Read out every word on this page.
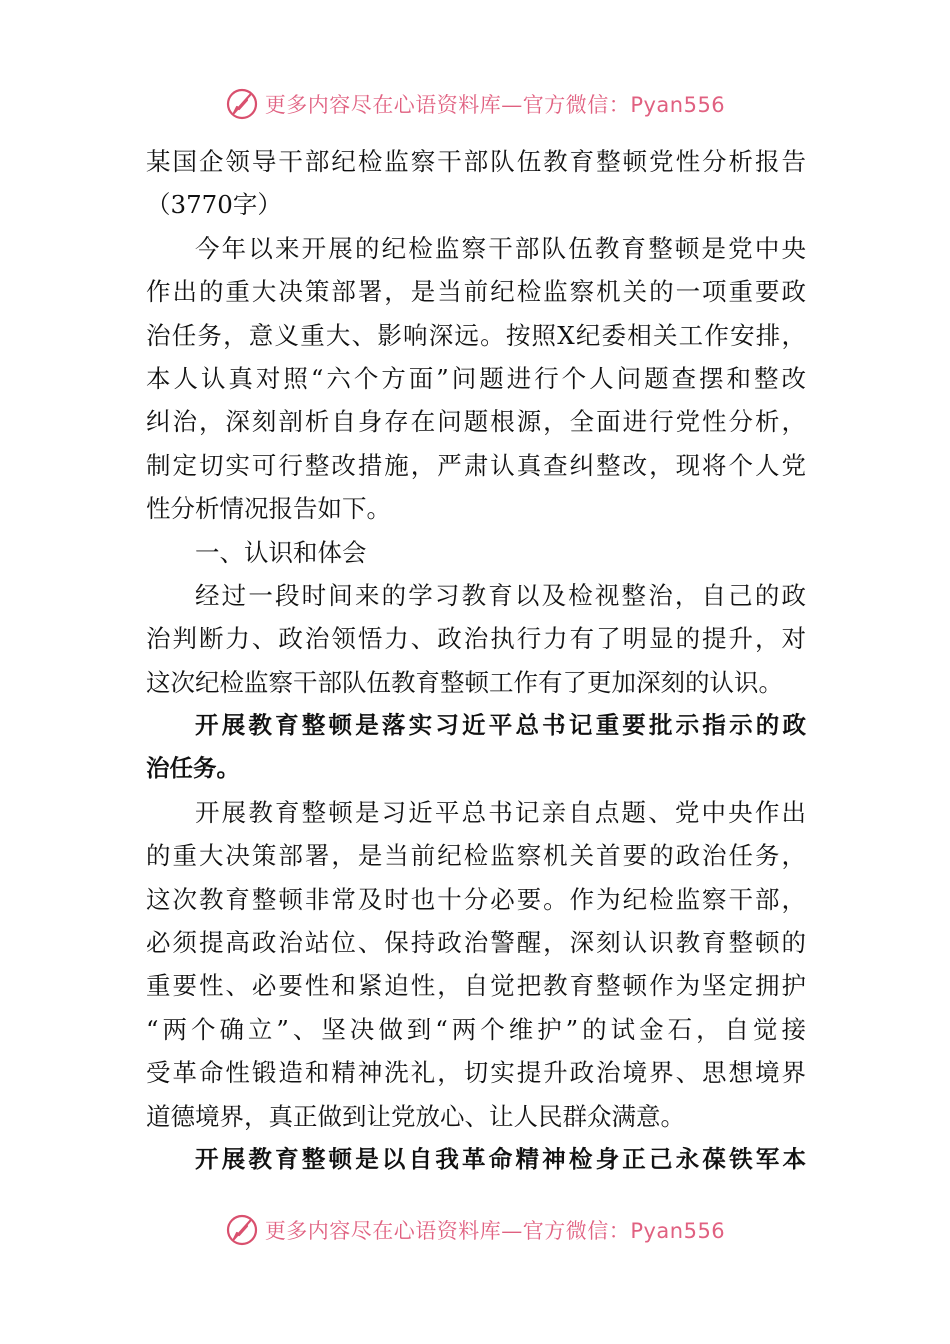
更多内容尽在心语资料库—官方微信：Pyan556
某国企领导干部纪检监察干部队伍教育整顿党性分析报告
（3770字）
今年以来开展的纪检监察干部队伍教育整顿是党中央
作出的重大决策部署，是当前纪检监察机关的一项重要政
治任务，意义重大、影响深远。按照X纪委相关工作安排，
本人认真对照“六个方面”问题进行个人问题查摆和整改
纠治，深刻剖析自身存在问题根源，全面进行党性分析，
制定切实可行整改措施，严肃认真查纠整改，现将个人党
性分析情况报告如下。
一、认识和体会
经过一段时间来的学习教育以及检视整治，自己的政
治判断力、政治领悟力、政治执行力有了明显的提升，对
这次纪检监察干部队伍教育整顿工作有了更加深刻的认识。
开展教育整顿是落实习近平总书记重要批示指示的政
治任务。
开展教育整顿是习近平总书记亲自点题、党中央作出
的重大决策部署，是当前纪检监察机关首要的政治任务，
这次教育整顿非常及时也十分必要。作为纪检监察干部，
必须提高政治站位、保持政治警醒，深刻认识教育整顿的
重要性、必要性和紧迫性，自觉把教育整顿作为坚定拥护
“两个确立”、坚决做到“两个维护”的试金石，自觉接
受革命性锻造和精神洗礼，切实提升政治境界、思想境界
道德境界，真正做到让党放心、让人民群众满意。
开展教育整顿是以自我革命精神检身正己永葆铁军本
更多内容尽在心语资料库—官方微信：Pyan556
